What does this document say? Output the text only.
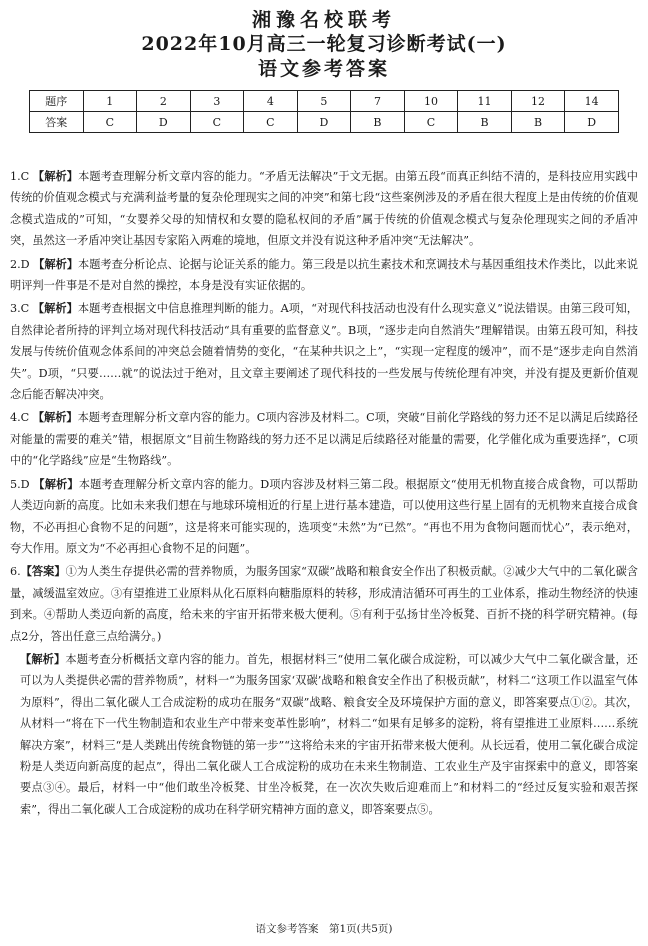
湘豫名校联考
2022年10月高三一轮复习诊断考试(一)
语文参考答案
题序	1	2	3	4	5	7	10	11	12	14
答案	C	D	C	C	D	B	C	B	B	D

1.C 【解析】本题考查理解分析文章内容的能力。“矛盾无法解决”于文无据。由第五段“而真正纠结不清的，是科技应用实践中传统的价值观念模式与充满利益考量的复杂伦理现实之间的冲突”和第七段“这些案例涉及的矛盾在很大程度上是由传统的价值观念模式造成的”可知，“女婴养父母的知情权和女婴的隐私权间的矛盾”属于传统的价值观念模式与复杂伦理现实之间的矛盾冲突，虽然这一矛盾冲突让基因专家陷入两难的境地，但原文并没有说这种矛盾冲突“无法解决”。

2.D 【解析】本题考查分析论点、论据与论证关系的能力。第三段是以抗生素技术和烹调技术与基因重组技术作类比，以此来说明评判一件事是不是对自然的操控，本身是没有实证依据的。

3.C 【解析】本题考查根据文中信息推理判断的能力。A项，“对现代科技活动也没有什么现实意义”说法错误。由第三段可知，自然律论者所持的评判立场对现代科技活动“具有重要的监督意义”。B项，“逐步走向自然消失”理解错误。由第五段可知，科技发展与传统价值观念体系间的冲突总会随着情势的变化，“在某种共识之上”，“实现一定程度的缓冲”，而不是“逐步走向自然消失”。D项，“只要……就”的说法过于绝对，且文章主要阐述了现代科技的一些发展与传统伦理有冲突，并没有提及更新价值观念后能否解决冲突。

4.C 【解析】本题考查理解分析文章内容的能力。C项内容涉及材料二。C项，突破“目前化学路线的努力还不足以满足后续路径对能量的需要的难关”错，根据原文“目前生物路线的努力还不足以满足后续路径对能量的需要，化学催化成为重要选择”，C项中的“化学路线”应是“生物路线”。

5.D 【解析】本题考查理解分析文章内容的能力。D项内容涉及材料三第二段。根据原文“使用无机物直接合成食物，可以帮助人类迈向新的高度。比如未来我们想在与地球环境相近的行星上进行基本建造，可以使用这些行星上固有的无机物来直接合成食物，不必再担心食物不足的问题”，这是将来可能实现的，选项变“未然”为“已然”。“再也不用为食物问题而忧心”，表示绝对，夸大作用。原文为“不必再担心食物不足的问题”。

6.【答案】①为人类生存提供必需的营养物质，为服务国家“双碳”战略和粮食安全作出了积极贡献。②减少大气中的二氧化碳含量，减缓温室效应。③有望推进工业原料从化石原料向糖脂原料的转移，形成清洁循环可再生的工业体系，推动生物经济的快速到来。④帮助人类迈向新的高度，给未来的宇宙开拓带来极大便利。⑤有利于弘扬甘坐冷板凳、百折不挠的科学研究精神。(每点2分，答出任意三点给满分。)

【解析】本题考查分析概括文章内容的能力。首先，根据材料三“使用二氧化碳合成淀粉，可以减少大气中二氧化碳含量，还可以为人类提供必需的营养物质”，材料一“为服务国家‘双碳’战略和粮食安全作出了积极贡献”，材料二“这项工作以温室气体为原料”，得出二氧化碳人工合成淀粉的成功在服务“双碳”战略、粮食安全及环境保护方面的意义，即答案要点①②。其次，从材料一“将在下一代生物制造和农业生产中带来变革性影响”，材料二“如果有足够多的淀粉，将有望推进工业原料……系统解决方案”，材料三“是人类跳出传统食物链的第一步”“这将给未来的宇宙开拓带来极大便利。从长远看，使用二氧化碳合成淀粉是人类迈向新高度的起点”，得出二氧化碳人工合成淀粉的成功在未来生物制造、工农业生产及宇宙探索中的意义，即答案要点③④。最后，材料一中“他们敢坐冷板凳、甘坐冷板凳，在一次次失败后迎难而上”和材料二的“经过反复实验和艰苦探索”，得出二氧化碳人工合成淀粉的成功在科学研究精神方面的意义，即答案要点⑤。

语文参考答案　第1页(共5页)
